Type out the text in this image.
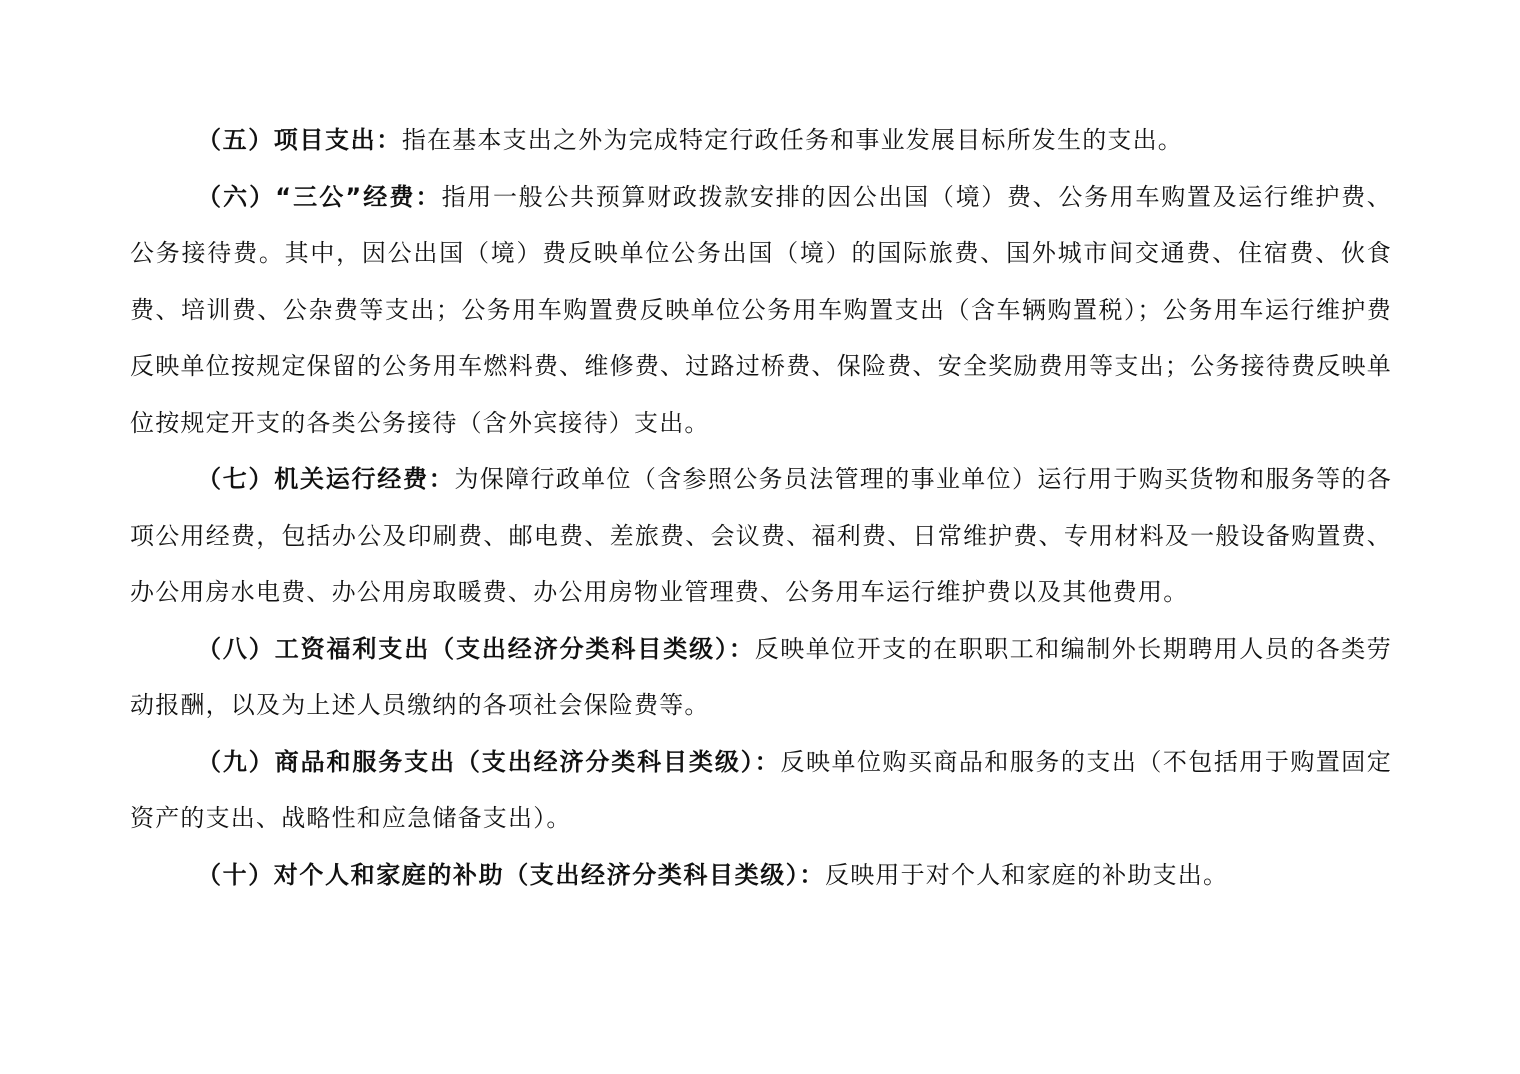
（五）项目支出：指在基本支出之外为完成特定行政任务和事业发展目标所发生的支出。

（六）“三公”经费：指用一般公共预算财政拨款安排的因公出国（境）费、公务用车购置及运行维护费、公务接待费。其中，因公出国（境）费反映单位公务出国（境）的国际旅费、国外城市间交通费、住宿费、伙食费、培训费、公杂费等支出；公务用车购置费反映单位公务用车购置支出（含车辆购置税）；公务用车运行维护费反映单位按规定保留的公务用车燃料费、维修费、过路过桥费、保险费、安全奖励费用等支出；公务接待费反映单位按规定开支的各类公务接待（含外宾接待）支出。

（七）机关运行经费：为保障行政单位（含参照公务员法管理的事业单位）运行用于购买货物和服务等的各项公用经费，包括办公及印刷费、邮电费、差旅费、会议费、福利费、日常维护费、专用材料及一般设备购置费、办公用房水电费、办公用房取暖费、办公用房物业管理费、公务用车运行维护费以及其他费用。

（八）工资福利支出（支出经济分类科目类级）：反映单位开支的在职职工和编制外长期聘用人员的各类劳动报酬，以及为上述人员缴纳的各项社会保险费等。

（九）商品和服务支出（支出经济分类科目类级）：反映单位购买商品和服务的支出（不包括用于购置固定资产的支出、战略性和应急储备支出）。

（十）对个人和家庭的补助（支出经济分类科目类级）：反映用于对个人和家庭的补助支出。
